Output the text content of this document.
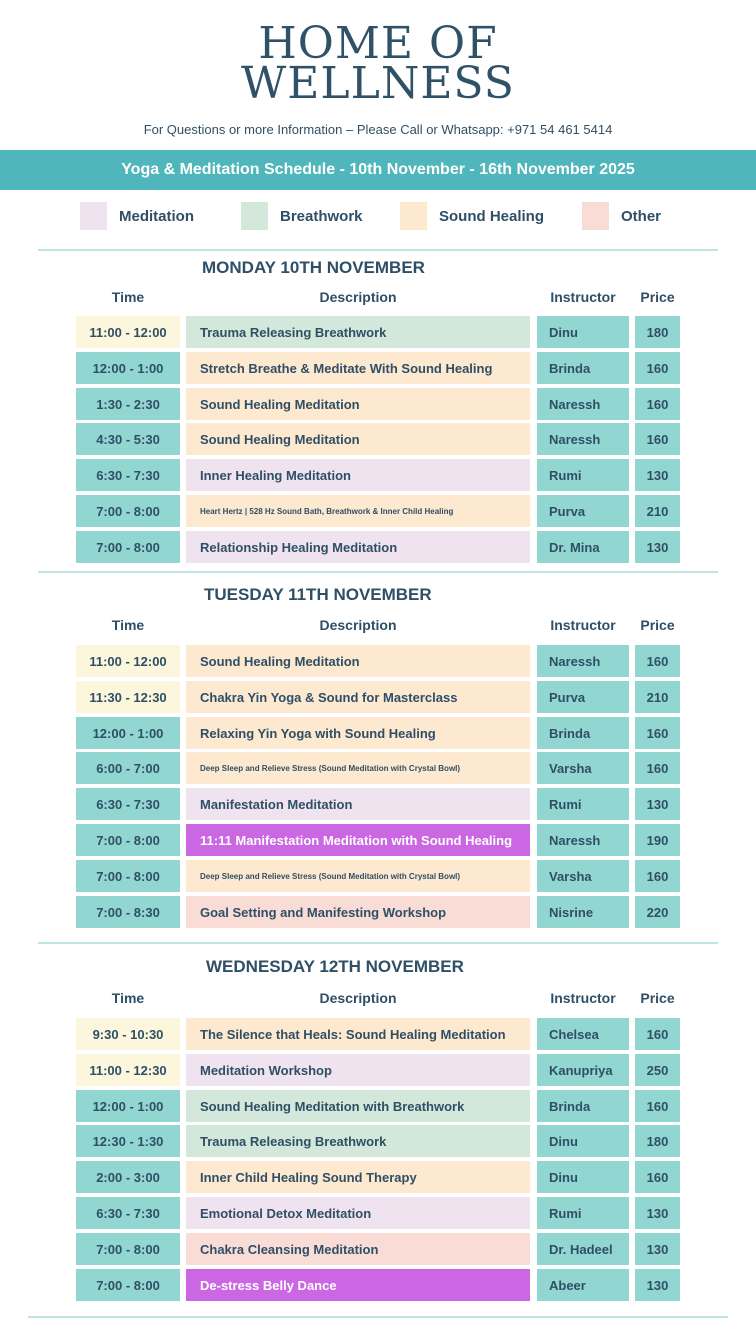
HOME OF
WELLNESS
For Questions or more Information – Please Call or Whatsapp: +971 54 461 5414
Yoga & Meditation Schedule - 10th November - 16th November 2025
Meditation	Breathwork	Sound Healing	Other
MONDAY 10TH NOVEMBER
Time	Description	Instructor	Price
11:00 - 12:00	Trauma Releasing Breathwork	Dinu	180
12:00 - 1:00	Stretch Breathe & Meditate With Sound Healing	Brinda	160
1:30 - 2:30	Sound Healing Meditation	Naressh	160
4:30 - 5:30	Sound Healing Meditation	Naressh	160
6:30 - 7:30	Inner Healing Meditation	Rumi	130
7:00 - 8:00	Heart Hertz | 528 Hz Sound Bath, Breathwork & Inner Child Healing	Purva	210
7:00 - 8:00	Relationship Healing Meditation	Dr. Mina	130
TUESDAY 11TH NOVEMBER
Time	Description	Instructor	Price
11:00 - 12:00	Sound Healing Meditation	Naressh	160
11:30 - 12:30	Chakra Yin Yoga & Sound for Masterclass	Purva	210
12:00 - 1:00	Relaxing Yin Yoga with Sound Healing	Brinda	160
6:00 - 7:00	Deep Sleep and Relieve Stress (Sound Meditation with Crystal Bowl)	Varsha	160
6:30 - 7:30	Manifestation Meditation	Rumi	130
7:00 - 8:00	11:11 Manifestation Meditation with Sound Healing	Naressh	190
7:00 - 8:00	Deep Sleep and Relieve Stress (Sound Meditation with Crystal Bowl)	Varsha	160
7:00 - 8:30	Goal Setting and Manifesting Workshop	Nisrine	220
WEDNESDAY 12TH NOVEMBER
Time	Description	Instructor	Price
9:30 - 10:30	The Silence that Heals: Sound Healing Meditation	Chelsea	160
11:00 - 12:30	Meditation Workshop	Kanupriya	250
12:00 - 1:00	Sound Healing Meditation with Breathwork	Brinda	160
12:30 - 1:30	Trauma Releasing Breathwork	Dinu	180
2:00 - 3:00	Inner Child Healing Sound Therapy	Dinu	160
6:30 - 7:30	Emotional Detox Meditation	Rumi	130
7:00 - 8:00	Chakra Cleansing Meditation	Dr. Hadeel	130
7:00 - 8:00	De-stress Belly Dance	Abeer	130
